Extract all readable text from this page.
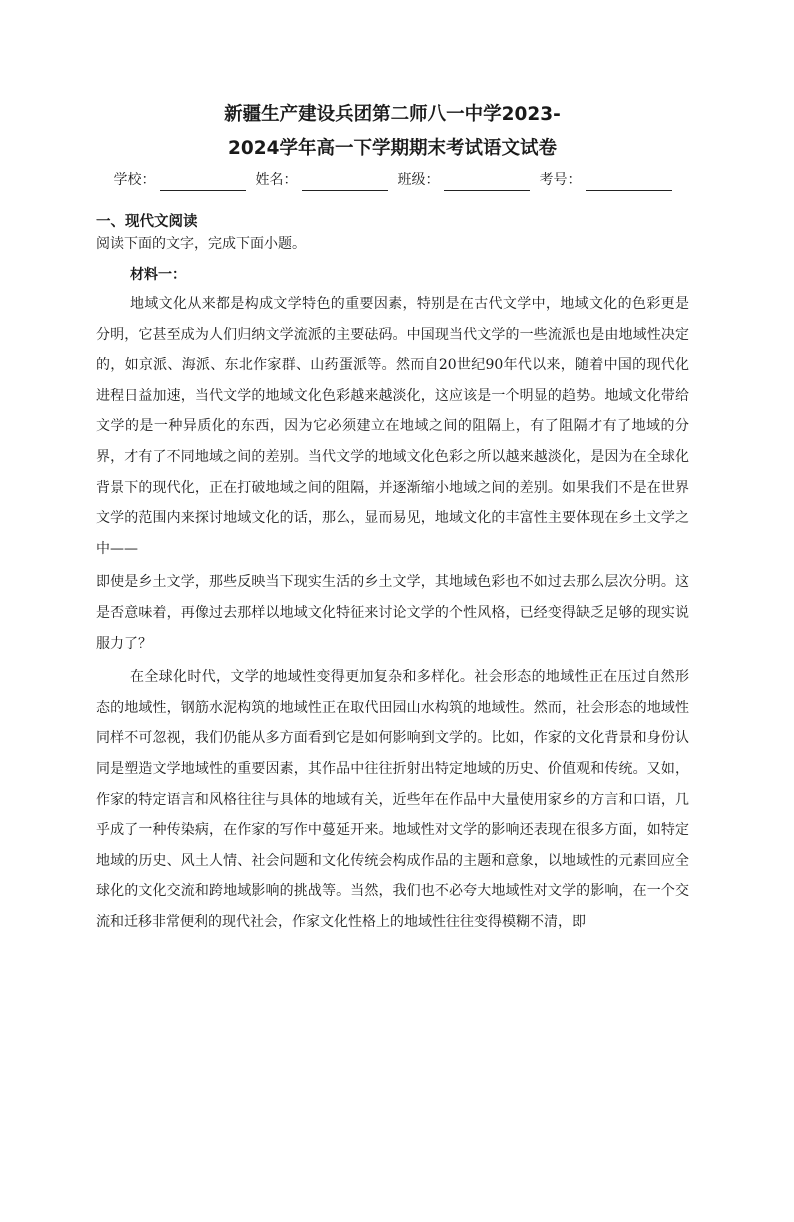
新疆生产建设兵团第二师八一中学2023-
2024学年高一下学期期末考试语文试卷
学校：	姓名：	班级：	考号：
一、现代文阅读
阅读下面的文字，完成下面小题。
材料一：

地域文化从来都是构成文学特色的重要因素，特别是在古代文学中，地域文化的色彩更是分明，它甚至成为人们归纳文学流派的主要砝码。中国现当代文学的一些流派也是由地域性决定的，如京派、海派、东北作家群、山药蛋派等。然而自20世纪90年代以来，随着中国的现代化进程日益加速，当代文学的地域文化色彩越来越淡化，这应该是一个明显的趋势。地域文化带给文学的是一种异质化的东西，因为它必须建立在地域之间的阻隔上，有了阻隔才有了地域的分界，才有了不同地域之间的差别。当代文学的地域文化色彩之所以越来越淡化，是因为在全球化背景下的现代化，正在打破地域之间的阻隔，并逐渐缩小地域之间的差别。如果我们不是在世界文学的范围内来探讨地域文化的话，那么，显而易见，地域文化的丰富性主要体现在乡土文学之中——

即使是乡土文学，那些反映当下现实生活的乡土文学，其地域色彩也不如过去那么层次分明。这是否意味着，再像过去那样以地域文化特征来讨论文学的个性风格，已经变得缺乏足够的现实说服力了？

在全球化时代，文学的地域性变得更加复杂和多样化。社会形态的地域性正在压过自然形态的地域性，钢筋水泥构筑的地域性正在取代田园山水构筑的地域性。然而，社会形态的地域性同样不可忽视，我们仍能从多方面看到它是如何影响到文学的。比如，作家的文化背景和身份认同是塑造文学地域性的重要因素，其作品中往往折射出特定地域的历史、价值观和传统。又如，作家的特定语言和风格往往与具体的地域有关，近些年在作品中大量使用家乡的方言和口语，几乎成了一种传染病，在作家的写作中蔓延开来。地域性对文学的影响还表现在很多方面，如特定地域的历史、风土人情、社会问题和文化传统会构成作品的主题和意象，以地域性的元素回应全球化的文化交流和跨地域影响的挑战等。当然，我们也不必夸大地域性对文学的影响，在一个交流和迁移非常便利的现代社会，作家文化性格上的地域性往往变得模糊不清，即
